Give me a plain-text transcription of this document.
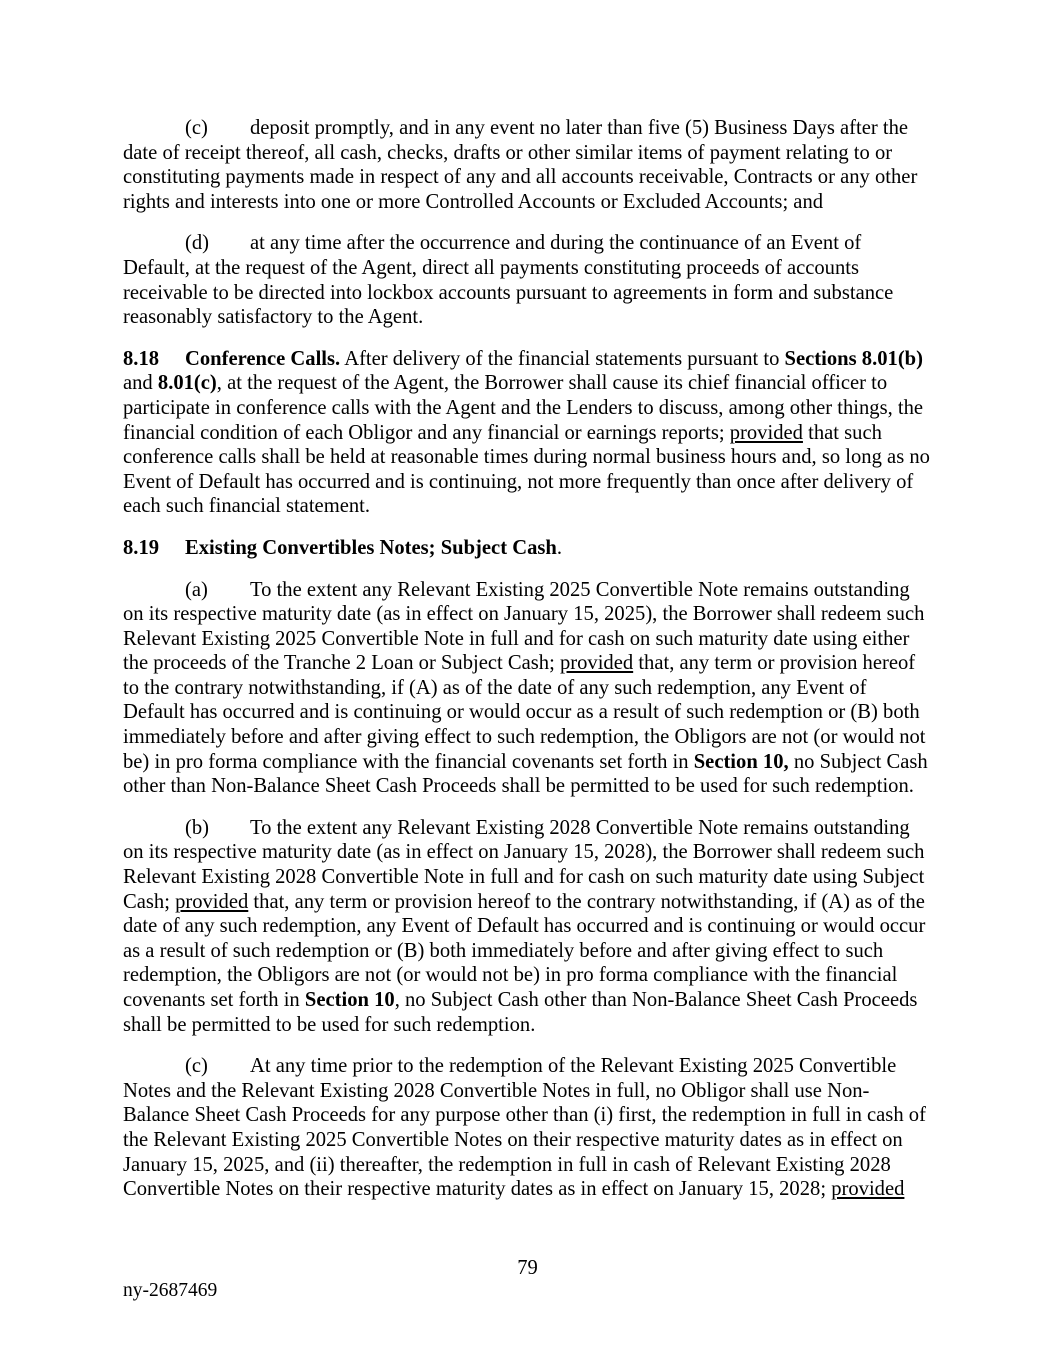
(c) deposit promptly, and in any event no later than five (5) Business Days after the date of receipt thereof, all cash, checks, drafts or other similar items of payment relating to or constituting payments made in respect of any and all accounts receivable, Contracts or any other rights and interests into one or more Controlled Accounts or Excluded Accounts; and

(d) at any time after the occurrence and during the continuance of an Event of Default, at the request of the Agent, direct all payments constituting proceeds of accounts receivable to be directed into lockbox accounts pursuant to agreements in form and substance reasonably satisfactory to the Agent.

8.18 Conference Calls. After delivery of the financial statements pursuant to Sections 8.01(b) and 8.01(c), at the request of the Agent, the Borrower shall cause its chief financial officer to participate in conference calls with the Agent and the Lenders to discuss, among other things, the financial condition of each Obligor and any financial or earnings reports; provided that such conference calls shall be held at reasonable times during normal business hours and, so long as no Event of Default has occurred and is continuing, not more frequently than once after delivery of each such financial statement.

8.19 Existing Convertibles Notes; Subject Cash.

(a) To the extent any Relevant Existing 2025 Convertible Note remains outstanding on its respective maturity date (as in effect on January 15, 2025), the Borrower shall redeem such Relevant Existing 2025 Convertible Note in full and for cash on such maturity date using either the proceeds of the Tranche 2 Loan or Subject Cash; provided that, any term or provision hereof to the contrary notwithstanding, if (A) as of the date of any such redemption, any Event of Default has occurred and is continuing or would occur as a result of such redemption or (B) both immediately before and after giving effect to such redemption, the Obligors are not (or would not be) in pro forma compliance with the financial covenants set forth in Section 10, no Subject Cash other than Non-Balance Sheet Cash Proceeds shall be permitted to be used for such redemption.

(b) To the extent any Relevant Existing 2028 Convertible Note remains outstanding on its respective maturity date (as in effect on January 15, 2028), the Borrower shall redeem such Relevant Existing 2028 Convertible Note in full and for cash on such maturity date using Subject Cash; provided that, any term or provision hereof to the contrary notwithstanding, if (A) as of the date of any such redemption, any Event of Default has occurred and is continuing or would occur as a result of such redemption or (B) both immediately before and after giving effect to such redemption, the Obligors are not (or would not be) in pro forma compliance with the financial covenants set forth in Section 10, no Subject Cash other than Non-Balance Sheet Cash Proceeds shall be permitted to be used for such redemption.

(c) At any time prior to the redemption of the Relevant Existing 2025 Convertible Notes and the Relevant Existing 2028 Convertible Notes in full, no Obligor shall use Non-Balance Sheet Cash Proceeds for any purpose other than (i) first, the redemption in full in cash of the Relevant Existing 2025 Convertible Notes on their respective maturity dates as in effect on January 15, 2025, and (ii) thereafter, the redemption in full in cash of Relevant Existing 2028 Convertible Notes on their respective maturity dates as in effect on January 15, 2028; provided

79
ny-2687469
